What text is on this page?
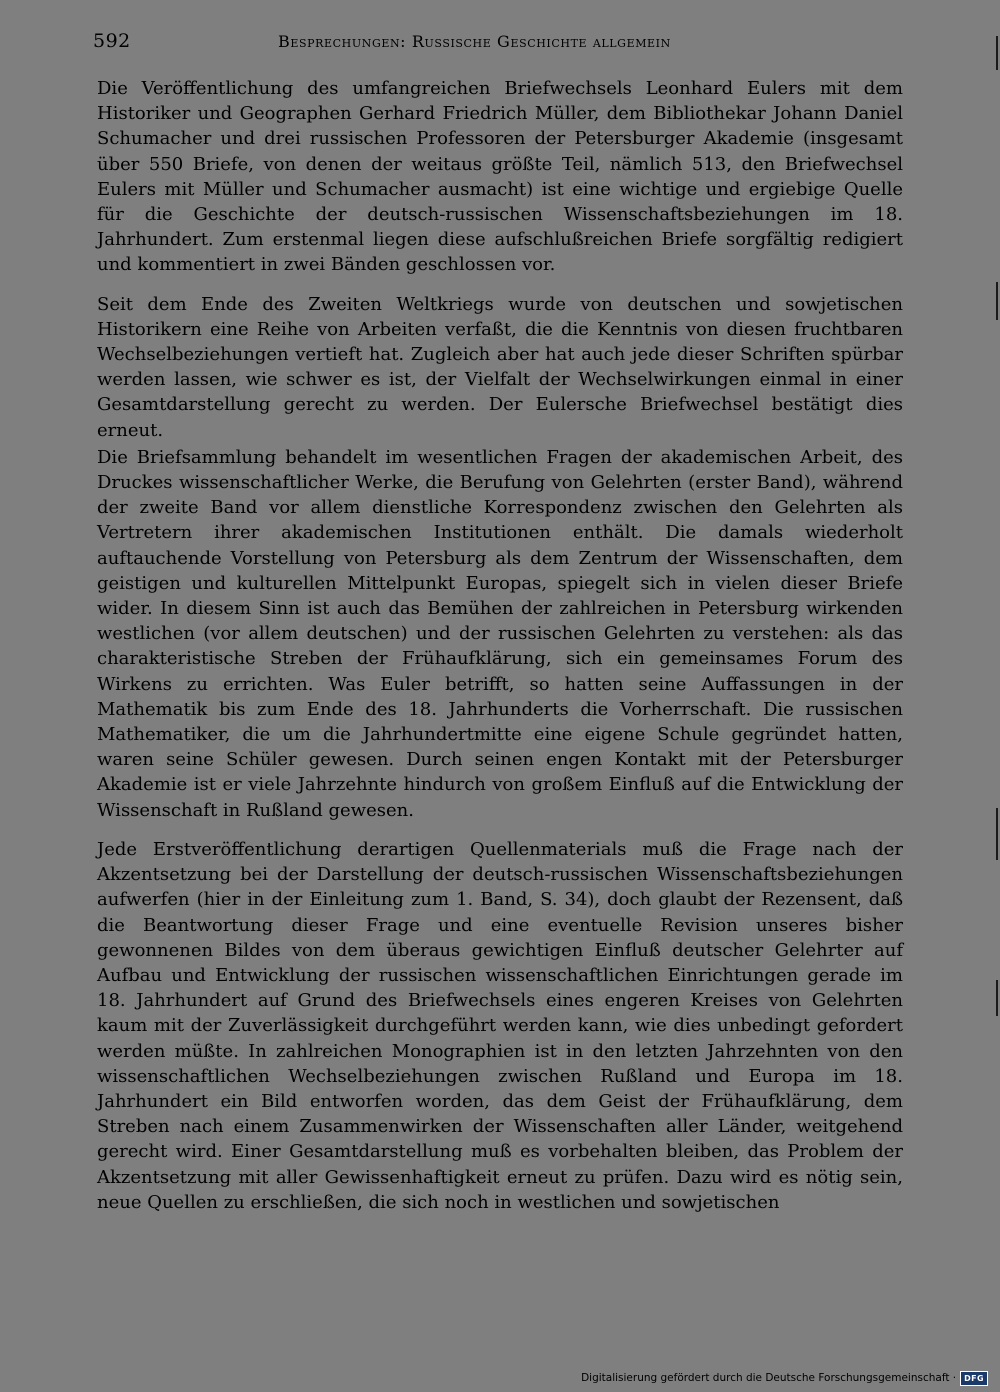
592	Besprechungen: Russische Geschichte allgemein

Die Veröffentlichung des umfangreichen Briefwechsels Leonhard Eulers mit dem Historiker und Geographen Gerhard Friedrich Müller, dem Bibliothekar Johann Daniel Schumacher und drei russischen Professoren der Petersburger Akademie (insgesamt über 550 Briefe, von denen der weitaus größte Teil, nämlich 513, den Briefwechsel Eulers mit Müller und Schumacher ausmacht) ist eine wichtige und ergiebige Quelle für die Geschichte der deutsch-russischen Wissenschaftsbeziehungen im 18. Jahrhundert. Zum erstenmal liegen diese aufschlußreichen Briefe sorgfältig redigiert und kommentiert in zwei Bänden geschlossen vor.

Seit dem Ende des Zweiten Weltkriegs wurde von deutschen und sowjetischen Historikern eine Reihe von Arbeiten verfaßt, die die Kenntnis von diesen fruchtbaren Wechselbeziehungen vertieft hat. Zugleich aber hat auch jede dieser Schriften spürbar werden lassen, wie schwer es ist, der Vielfalt der Wechselwirkungen einmal in einer Gesamtdarstellung gerecht zu werden. Der Eulersche Briefwechsel bestätigt dies erneut.

Die Briefsammlung behandelt im wesentlichen Fragen der akademischen Arbeit, des Druckes wissenschaftlicher Werke, die Berufung von Gelehrten (erster Band), während der zweite Band vor allem dienstliche Korrespondenz zwischen den Gelehrten als Vertretern ihrer akademischen Institutionen enthält. Die damals wiederholt auftauchende Vorstellung von Petersburg als dem Zentrum der Wissenschaften, dem geistigen und kulturellen Mittelpunkt Europas, spiegelt sich in vielen dieser Briefe wider. In diesem Sinn ist auch das Bemühen der zahlreichen in Petersburg wirkenden westlichen (vor allem deutschen) und der russischen Gelehrten zu verstehen: als das charakteristische Streben der Frühaufklärung, sich ein gemeinsames Forum des Wirkens zu errichten. Was Euler betrifft, so hatten seine Auffassungen in der Mathematik bis zum Ende des 18. Jahrhunderts die Vorherrschaft. Die russischen Mathematiker, die um die Jahrhundertmitte eine eigene Schule gegründet hatten, waren seine Schüler gewesen. Durch seinen engen Kontakt mit der Petersburger Akademie ist er viele Jahrzehnte hindurch von großem Einfluß auf die Entwicklung der Wissenschaft in Rußland gewesen.

Jede Erstveröffentlichung derartigen Quellenmaterials muß die Frage nach der Akzentsetzung bei der Darstellung der deutsch-russischen Wissenschaftsbeziehungen aufwerfen (hier in der Einleitung zum 1. Band, S. 34), doch glaubt der Rezensent, daß die Beantwortung dieser Frage und eine eventuelle Revision unseres bisher gewonnenen Bildes von dem überaus gewichtigen Einfluß deutscher Gelehrter auf Aufbau und Entwicklung der russischen wissenschaftlichen Einrichtungen gerade im 18. Jahrhundert auf Grund des Briefwechsels eines engeren Kreises von Gelehrten kaum mit der Zuverlässigkeit durchgeführt werden kann, wie dies unbedingt gefordert werden müßte. In zahlreichen Monographien ist in den letzten Jahrzehnten von den wissenschaftlichen Wechselbeziehungen zwischen Rußland und Europa im 18. Jahrhundert ein Bild entworfen worden, das dem Geist der Frühaufklärung, dem Streben nach einem Zusammenwirken der Wissenschaften aller Länder, weitgehend gerecht wird. Einer Gesamtdarstellung muß es vorbehalten bleiben, das Problem der Akzentsetzung mit aller Gewissenhaftigkeit erneut zu prüfen. Dazu wird es nötig sein, neue Quellen zu erschließen, die sich noch in westlichen und sowjetischen

Digitalisierung gefördert durch die Deutsche Forschungsgemeinschaft ·	DFG
